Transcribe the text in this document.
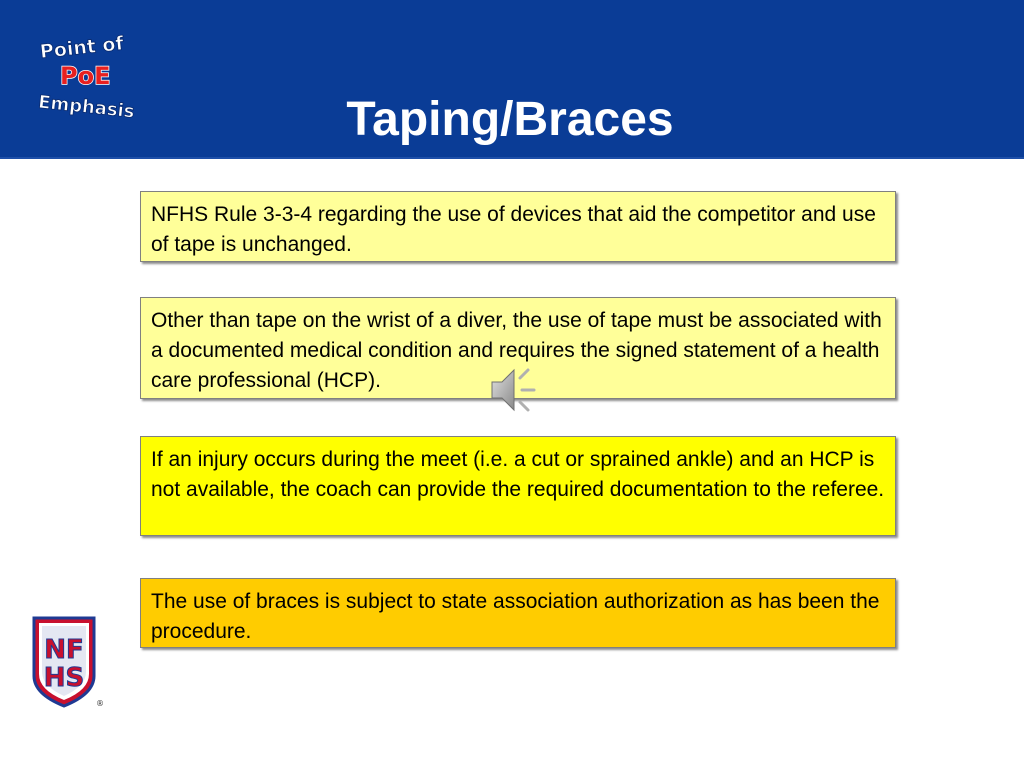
Point of
PoE
Emphasis	Taping/Braces
NFHS Rule 3-3-4 regarding the use of devices that aid the competitor and use of tape is unchanged.
Other than tape on the wrist of a diver, the use of tape must be associated with a documented medical condition and requires the signed statement of a health care professional (HCP).
If an injury occurs during the meet (i.e. a cut or sprained ankle) and an HCP is not available, the coach can provide the required documentation to the referee.
The use of braces is subject to state association authorization as has been the procedure.
NF
HS
®
